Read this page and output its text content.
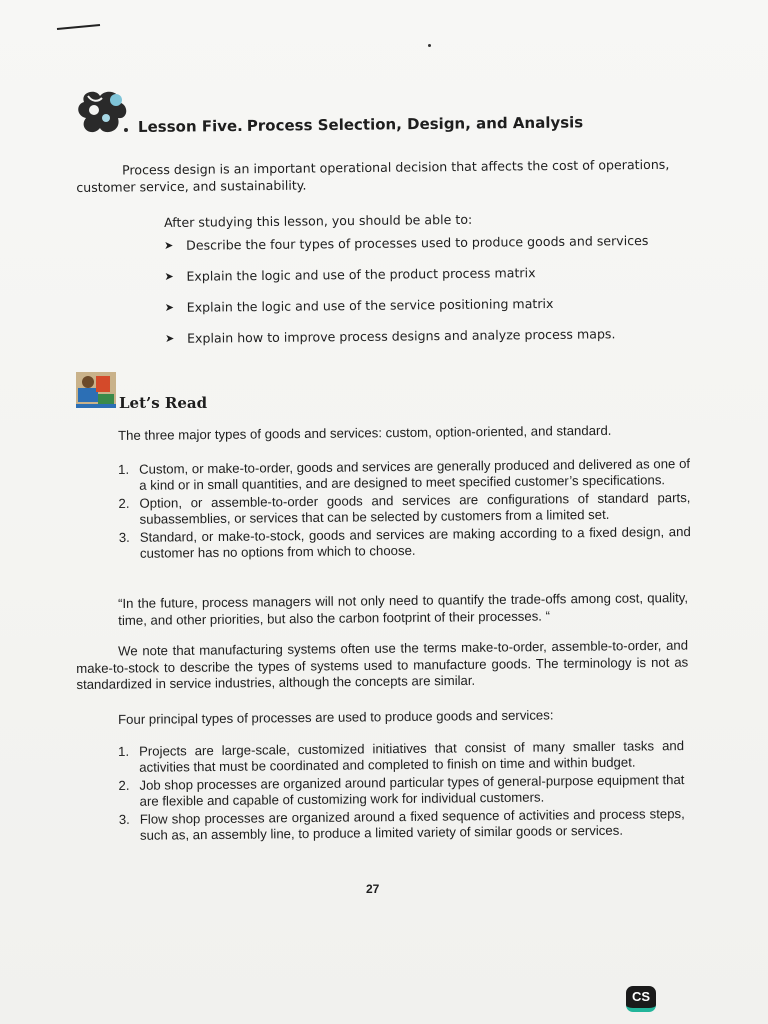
Lesson Five. Process Selection, Design, and Analysis
Process design is an important operational decision that affects the cost of operations, customer service, and sustainability.
After studying this lesson, you should be able to:
➤ Describe the four types of processes used to produce goods and services
➤ Explain the logic and use of the product process matrix
➤ Explain the logic and use of the service positioning matrix
➤ Explain how to improve process designs and analyze process maps.
Let’s Read
The three major types of goods and services: custom, option-oriented, and standard.
1. Custom, or make-to-order, goods and services are generally produced and delivered as one of a kind or in small quantities, and are designed to meet specified customer’s specifications.
2. Option, or assemble-to-order goods and services are configurations of standard parts, subassemblies, or services that can be selected by customers from a limited set.
3. Standard, or make-to-stock, goods and services are making according to a fixed design, and customer has no options from which to choose.
“In the future, process managers will not only need to quantify the trade-offs among cost, quality, time, and other priorities, but also the carbon footprint of their processes. “
We note that manufacturing systems often use the terms make-to-order, assemble-to-order, and make-to-stock to describe the types of systems used to manufacture goods. The terminology is not as standardized in service industries, although the concepts are similar.
Four principal types of processes are used to produce goods and services:
1. Projects are large-scale, customized initiatives that consist of many smaller tasks and activities that must be coordinated and completed to finish on time and within budget.
2. Job shop processes are organized around particular types of general-purpose equipment that are flexible and capable of customizing work for individual customers.
3. Flow shop processes are organized around a fixed sequence of activities and process steps, such as, an assembly line, to produce a limited variety of similar goods or services.
27
CS
